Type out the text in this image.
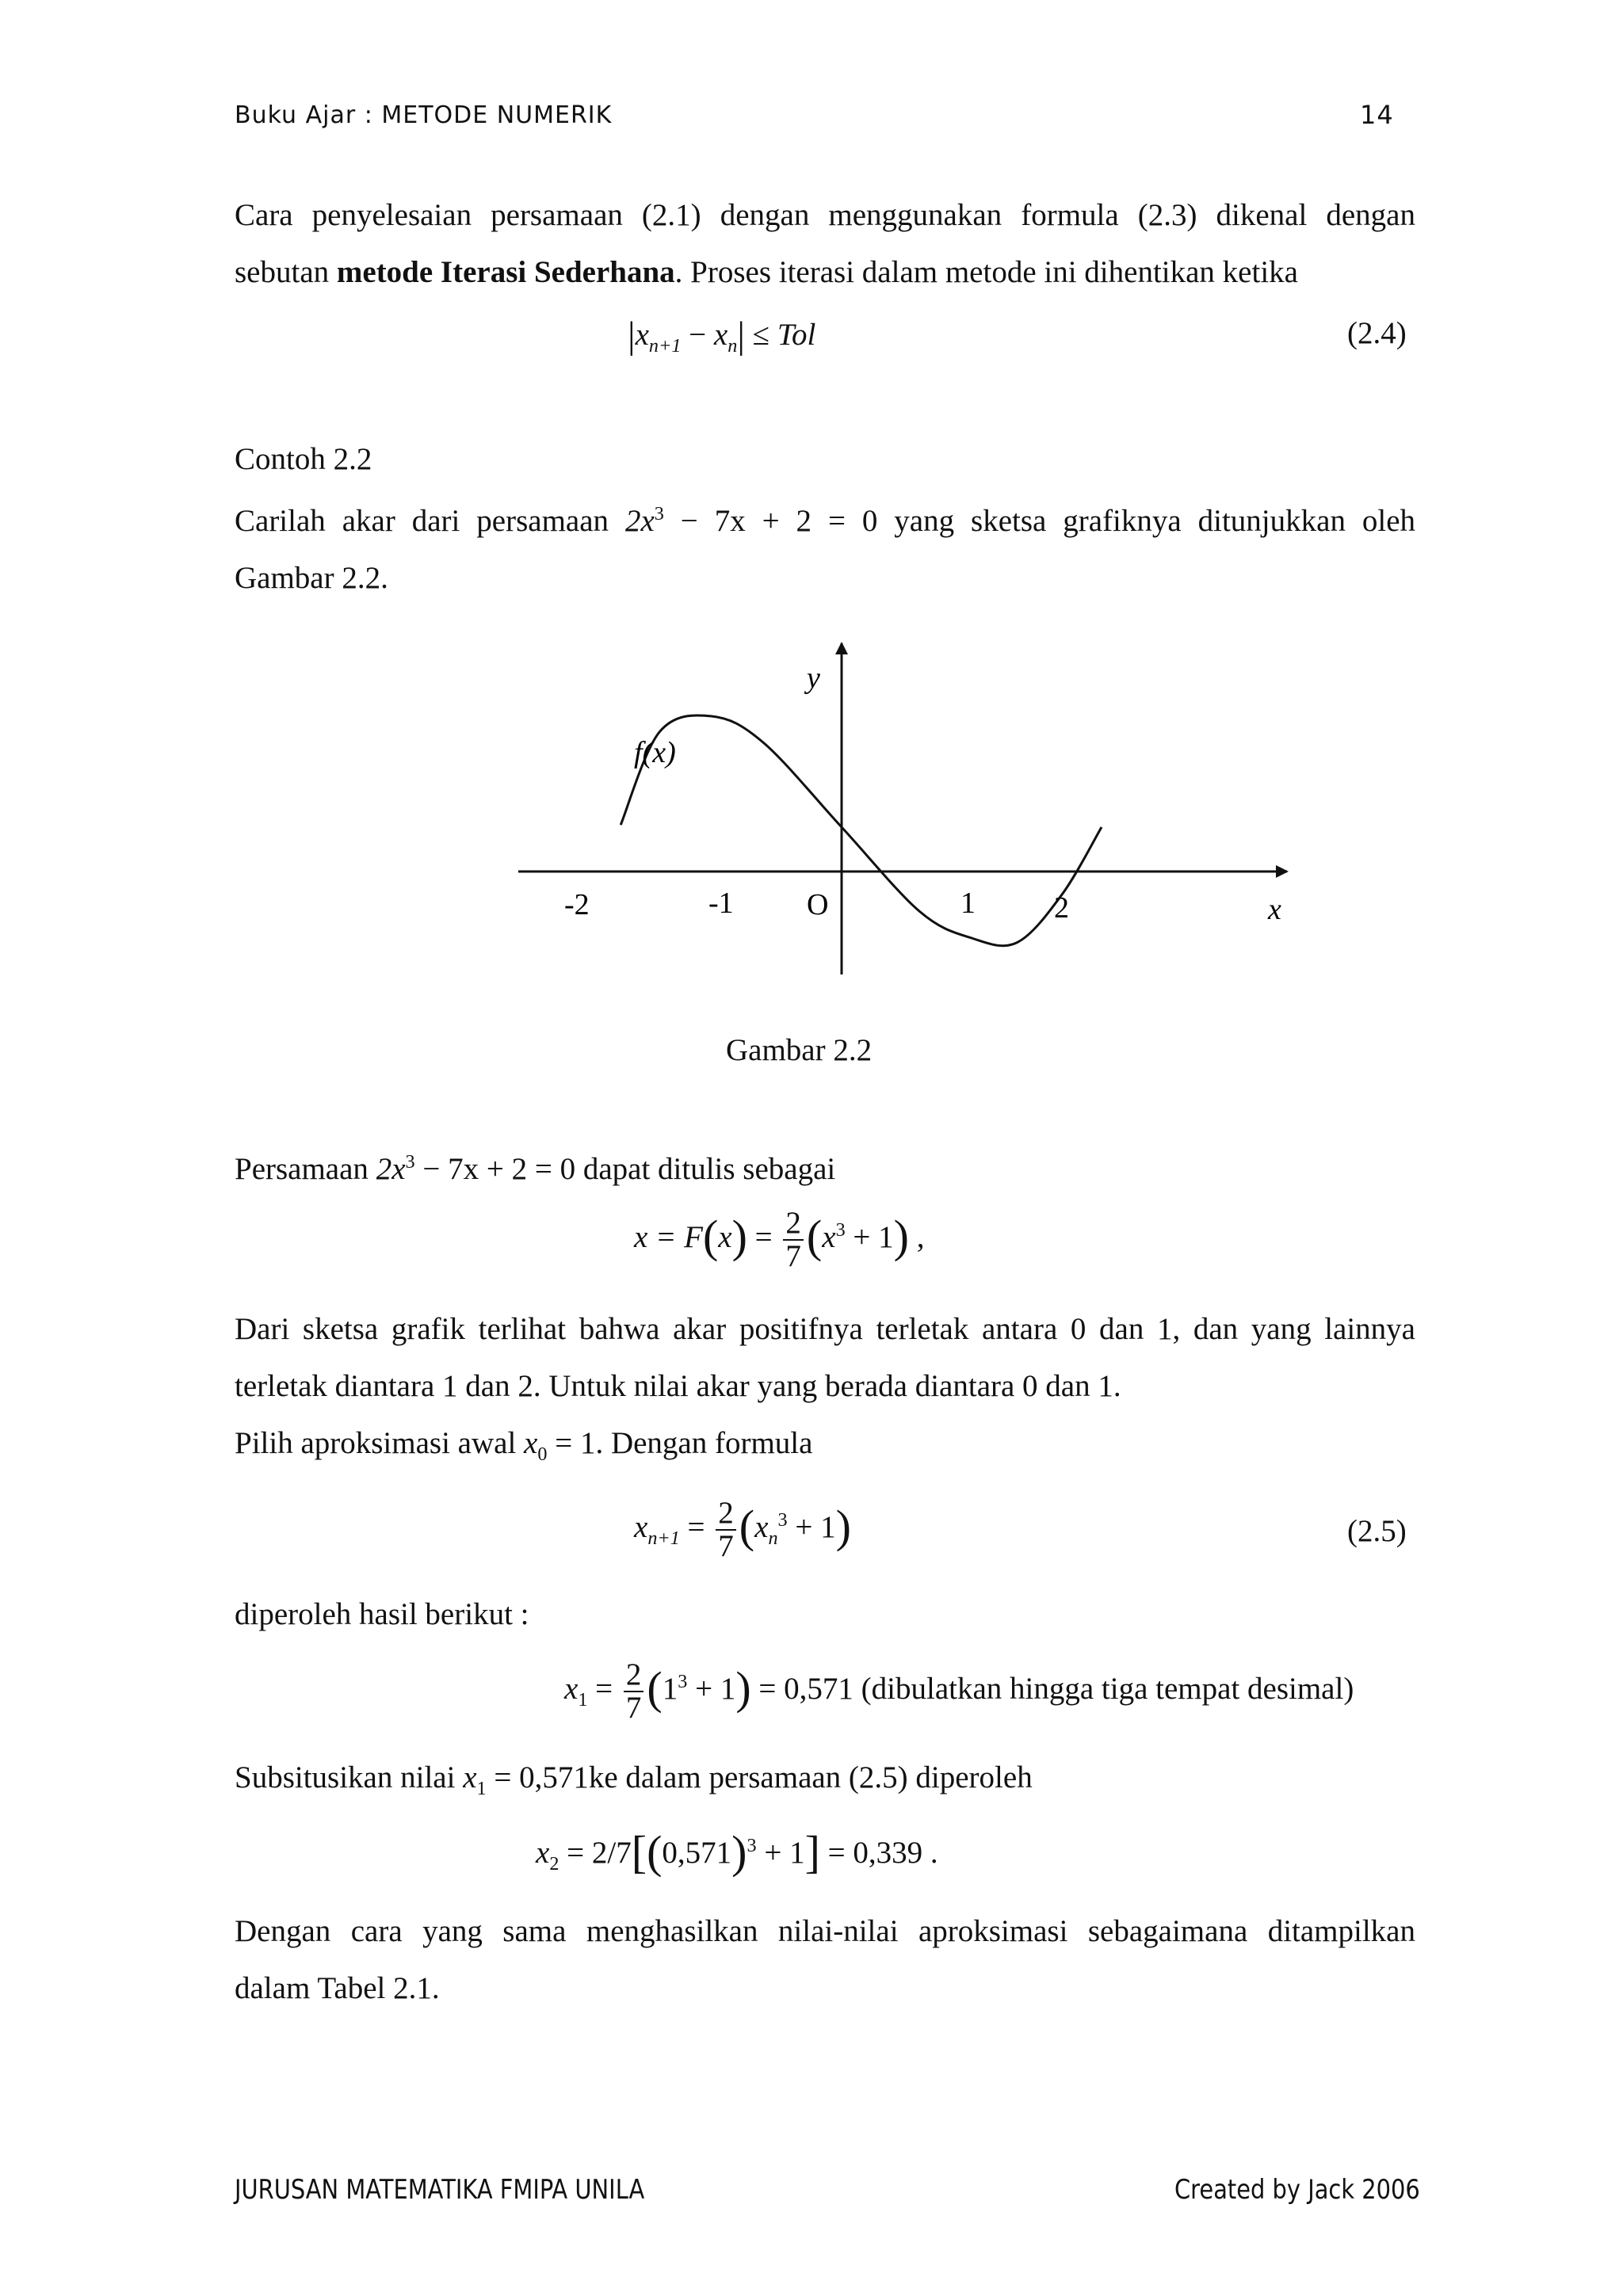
Buku Ajar : METODE NUMERIK	14
Cara penyelesaian persamaan (2.1) dengan menggunakan formula (2.3) dikenal dengan
sebutan metode Iterasi Sederhana. Proses iterasi dalam metode ini dihentikan ketika
$|x_{n+1} - x_n|$ ≤ Tol	(2.4)
Contoh 2.2
Carilah akar dari persamaan $2x^3 - 7x + 2 = 0$ yang sketsa grafiknya ditunjukkan oleh
Gambar 2.2.
y
x
f(x)
O
-2	-1	1	2
Gambar 2.2
Persamaan $2x^3 - 7x + 2 = 0$ dapat ditulis sebagai
$x = F(x) = \frac{2}{7} (x^3 + 1)$ ,
Dari sketsa grafik terlihat bahwa akar positifnya terletak antara 0 dan 1, dan yang lainnya
terletak diantara 1 dan 2. Untuk nilai akar yang berada diantara 0 dan 1.
Pilih aproksimasi awal $x_0 = 1$. Dengan formula
$x_{n+1} = \frac{2}{7} (x_n^3 + 1)$	(2.5)
diperoleh hasil berikut :
$x_1 = \frac{2}{7} (1^3 + 1) = 0,571$ (dibulatkan hingga tiga tempat desimal)
Subsitusikan nilai $x_1 = 0,571ke$ dalam persamaan (2.5) diperoleh
$x_2 = 2/7[(0,571)^3 + 1] = 0,339$ .
Dengan cara yang sama menghasilkan nilai-nilai aproksimasi sebagaimana ditampilkan
dalam Tabel 2.1.
JURUSAN MATEMATIKA FMIPA UNILA	Created by Jack 2006
